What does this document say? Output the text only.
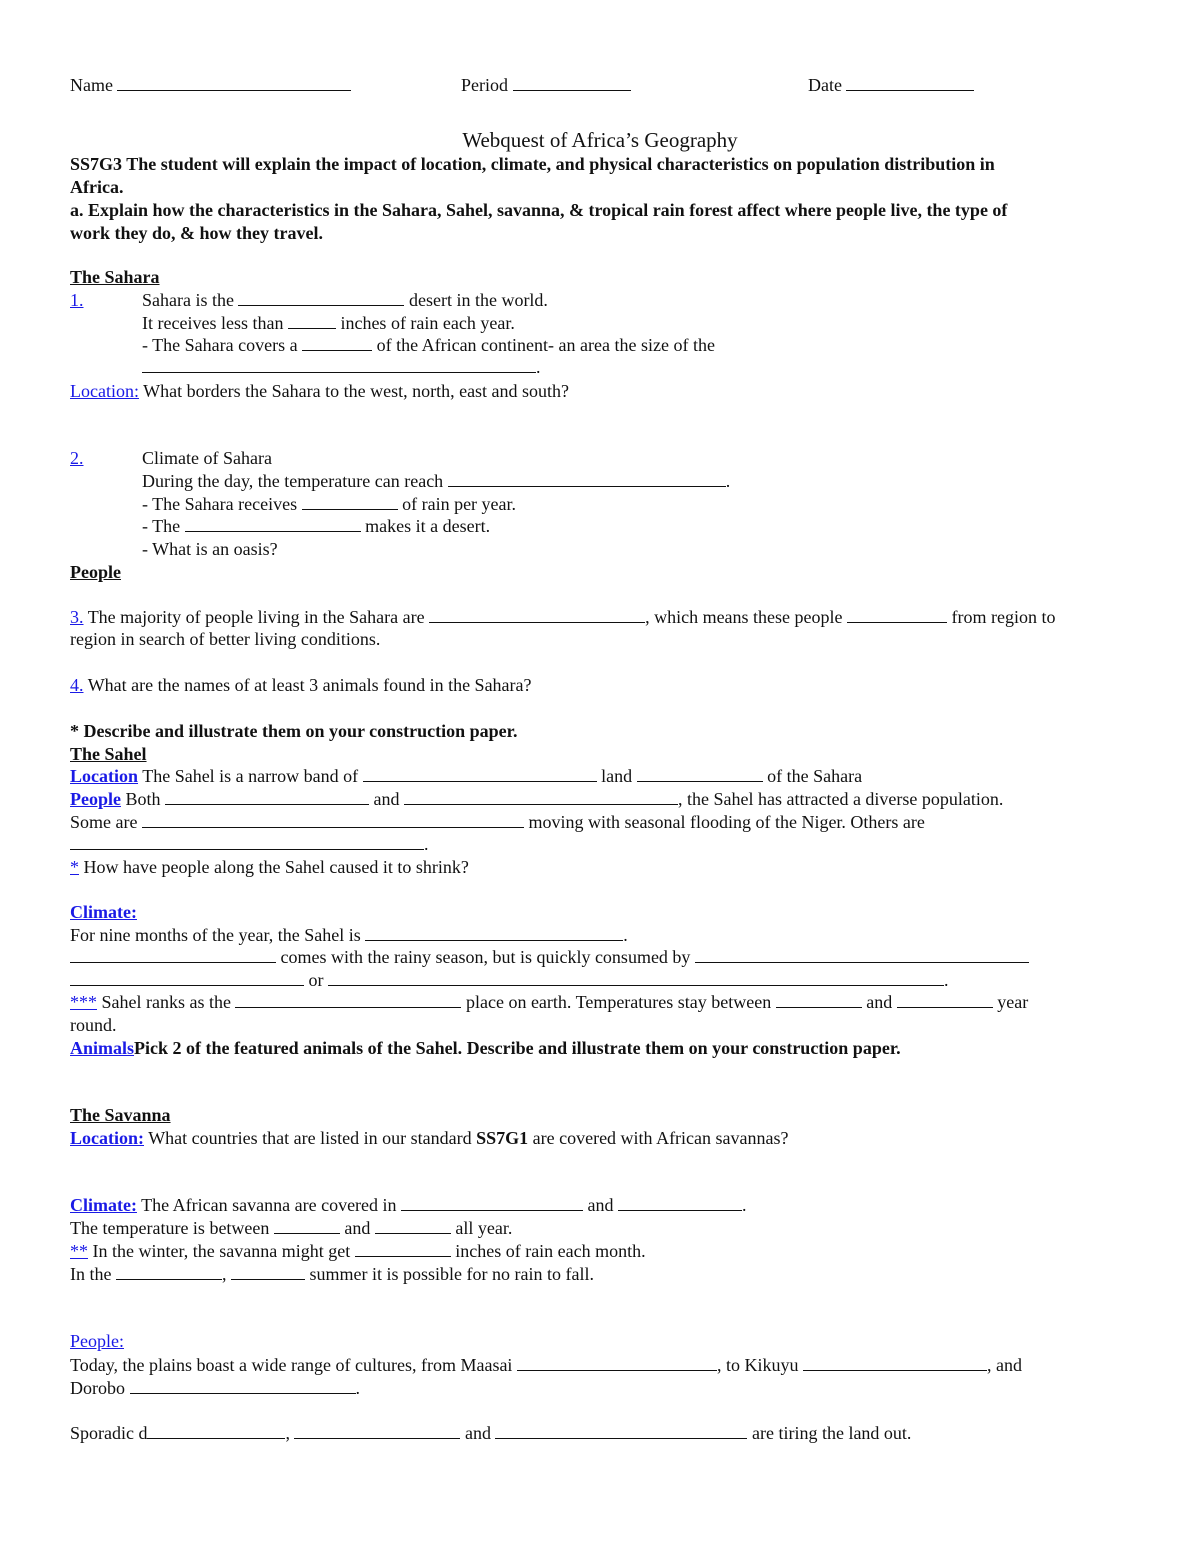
Name	Period	Date
Webquest of Africa’s Geography
SS7G3 The student will explain the impact of location, climate, and physical characteristics on population distribution in
Africa.
a. Explain how the characteristics in the Sahara, Sahel, savanna, & tropical rain forest affect where people live, the type of
work they do, & how they travel.
The Sahara
1.	Sahara is the	desert in the world.
It receives less than	inches of rain each year.
- The Sahara covers a	of the African continent- an area the size of the
.
Location: What borders the Sahara to the west, north, east and south?
2.	Climate of Sahara
During the day, the temperature can reach	.
- The Sahara receives	of rain per year.
- The	makes it a desert.
- What is an oasis?
People
3. The majority of people living in the Sahara are	, which means these people	from region to
region in search of better living conditions.
4. What are the names of at least 3 animals found in the Sahara?
* Describe and illustrate them on your construction paper.
The Sahel
Location The Sahel is a narrow band of	land	of the Sahara
People Both	and	, the Sahel has attracted a diverse population.
Some are	moving with seasonal flooding of the Niger. Others are
.
* How have people along the Sahel caused it to shrink?
Climate:
For nine months of the year, the Sahel is	.
comes with the rainy season, but is quickly consumed by
or	.
*** Sahel ranks as the	place on earth. Temperatures stay between	and	year
round.
AnimalsPick 2 of the featured animals of the Sahel. Describe and illustrate them on your construction paper.
The Savanna
Location: What countries that are listed in our standard SS7G1 are covered with African savannas?
Climate: The African savanna are covered in	and	.
The temperature is between	and	all year.
** In the winter, the savanna might get	inches of rain each month.
In the	,	summer it is possible for no rain to fall.
People:
Today, the plains boast a wide range of cultures, from Maasai	, to Kikuyu	, and
Dorobo	.
Sporadic d	,	and	are tiring the land out.
